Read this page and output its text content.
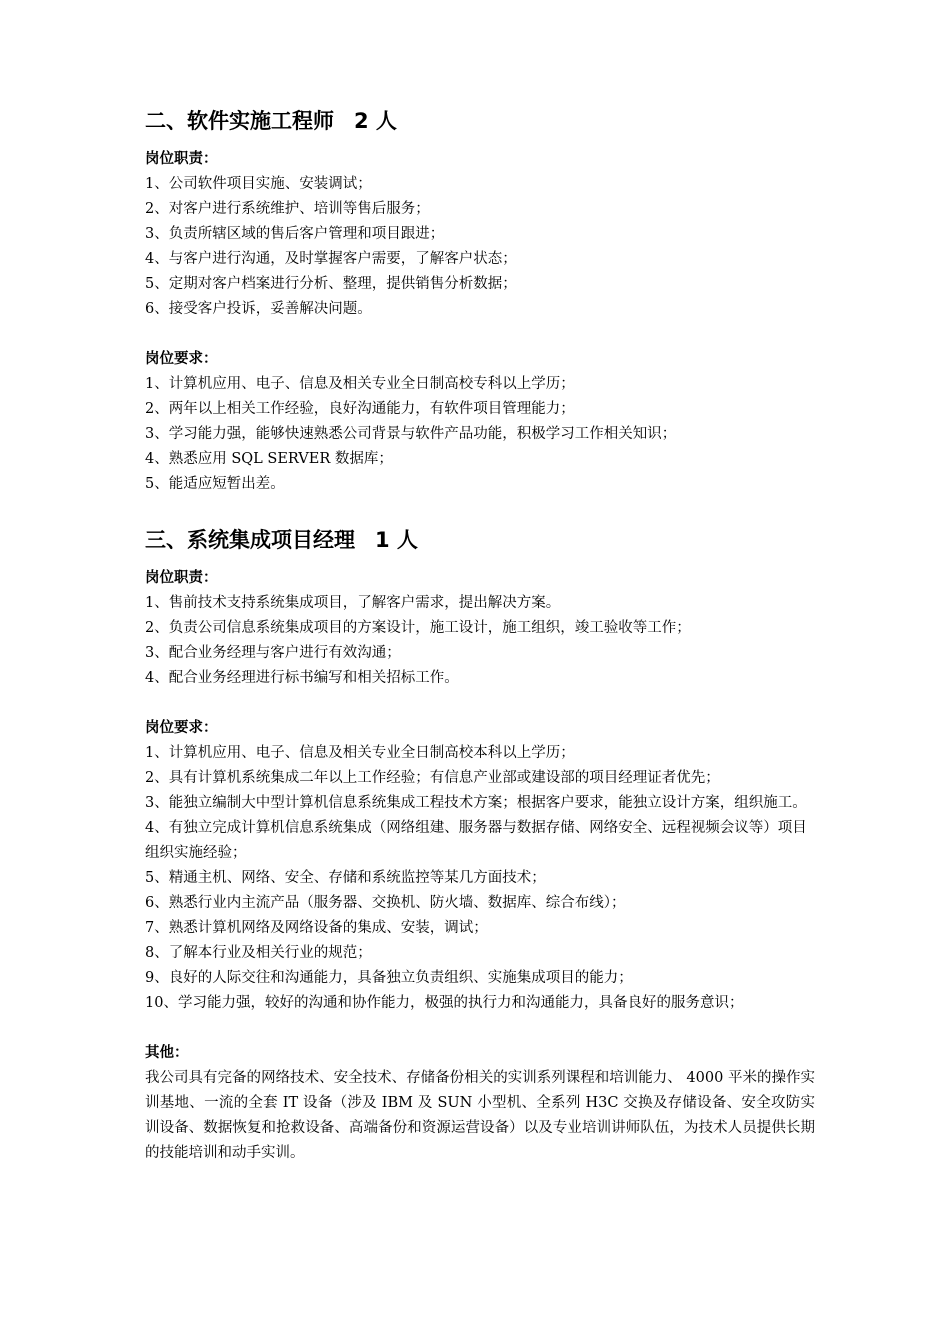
二、软件实施工程师 2 人
岗位职责：
1、公司软件项目实施、安装调试；
2、对客户进行系统维护、培训等售后服务；
3、负责所辖区域的售后客户管理和项目跟进；
4、与客户进行沟通，及时掌握客户需要，了解客户状态；
5、定期对客户档案进行分析、整理，提供销售分析数据；
6、接受客户投诉，妥善解决问题。
岗位要求：
1、计算机应用、电子、信息及相关专业全日制高校专科以上学历；
2、两年以上相关工作经验，良好沟通能力，有软件项目管理能力；
3、学习能力强，能够快速熟悉公司背景与软件产品功能，积极学习工作相关知识；
4、熟悉应用 SQL SERVER 数据库；
5、能适应短暂出差。
三、系统集成项目经理 1 人
岗位职责：
1、售前技术支持系统集成项目，了解客户需求，提出解决方案。
2、负责公司信息系统集成项目的方案设计，施工设计，施工组织，竣工验收等工作；
3、配合业务经理与客户进行有效沟通；
4、配合业务经理进行标书编写和相关招标工作。
岗位要求：
1、计算机应用、电子、信息及相关专业全日制高校本科以上学历；
2、具有计算机系统集成二年以上工作经验；有信息产业部或建设部的项目经理证者优先；
3、能独立编制大中型计算机信息系统集成工程技术方案；根据客户要求，能独立设计方案，组织施工。
4、有独立完成计算机信息系统集成（网络组建、服务器与数据存储、网络安全、远程视频会议等）项目组织实施经验；
5、精通主机、网络、安全、存储和系统监控等某几方面技术；
6、熟悉行业内主流产品（服务器、交换机、防火墙、数据库、综合布线）；
7、熟悉计算机网络及网络设备的集成、安装，调试；
8、了解本行业及相关行业的规范；
9、良好的人际交往和沟通能力，具备独立负责组织、实施集成项目的能力；
10、学习能力强，较好的沟通和协作能力，极强的执行力和沟通能力，具备良好的服务意识；
其他：

我公司具有完备的网络技术、安全技术、存储备份相关的实训系列课程和培训能力、 4000 平米的操作实训基地、一流的全套 IT 设备（涉及 IBM 及 SUN 小型机、全系列 H3C 交换及存储设备、安全攻防实训设备、数据恢复和抢救设备、高端备份和资源运营设备）以及专业培训讲师队伍，为技术人员提供长期的技能培训和动手实训。
